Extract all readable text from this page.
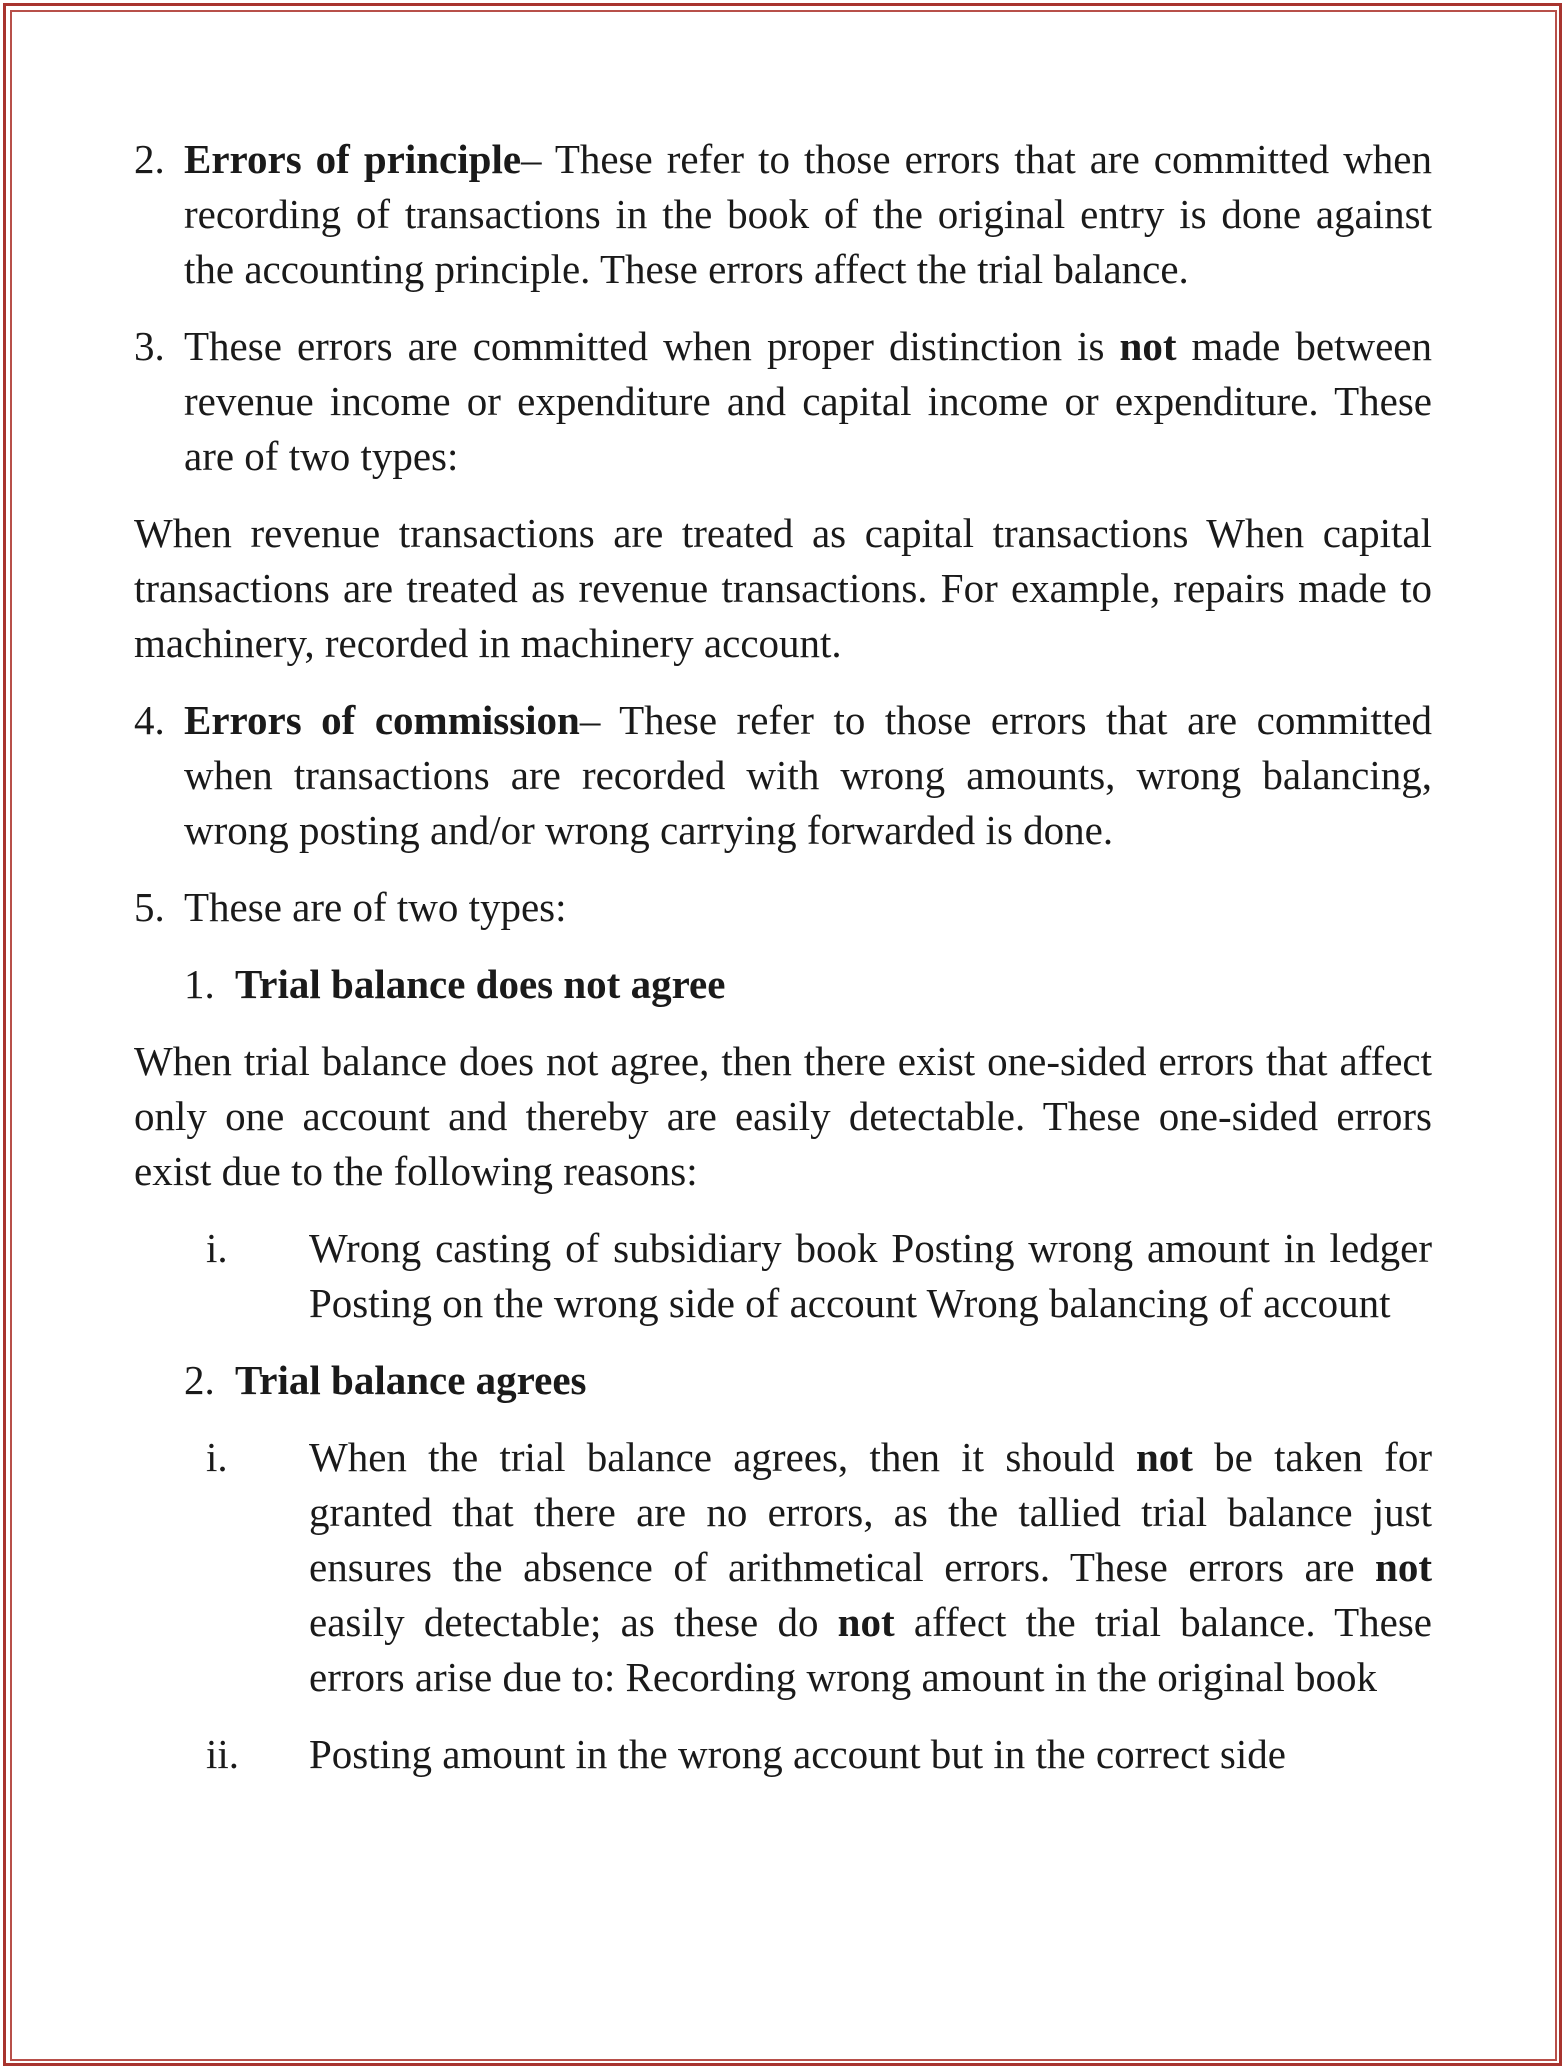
2. Errors of principle– These refer to those errors that are committed when recording of transactions in the book of the original entry is done against the accounting principle. These errors affect the trial balance.
3. These errors are committed when proper distinction is not made between revenue income or expenditure and capital income or expenditure. These are of two types:

When revenue transactions are treated as capital transactions When capital transactions are treated as revenue transactions. For example, repairs made to machinery, recorded in machinery account.

4. Errors of commission– These refer to those errors that are committed when transactions are recorded with wrong amounts, wrong balancing, wrong posting and/or wrong carrying forwarded is done.
5. These are of two types:
1. Trial balance does not agree

When trial balance does not agree, then there exist one-sided errors that affect only one account and thereby are easily detectable. These one-sided errors exist due to the following reasons:

i.	Wrong casting of subsidiary book Posting wrong amount in ledger Posting on the wrong side of account Wrong balancing of account
2. Trial balance agrees
i.	When the trial balance agrees, then it should not be taken for granted that there are no errors, as the tallied trial balance just ensures the absence of arithmetical errors. These errors are not easily detectable; as these do not affect the trial balance. These errors arise due to: Recording wrong amount in the original book
ii.	Posting amount in the wrong account but in the correct side
